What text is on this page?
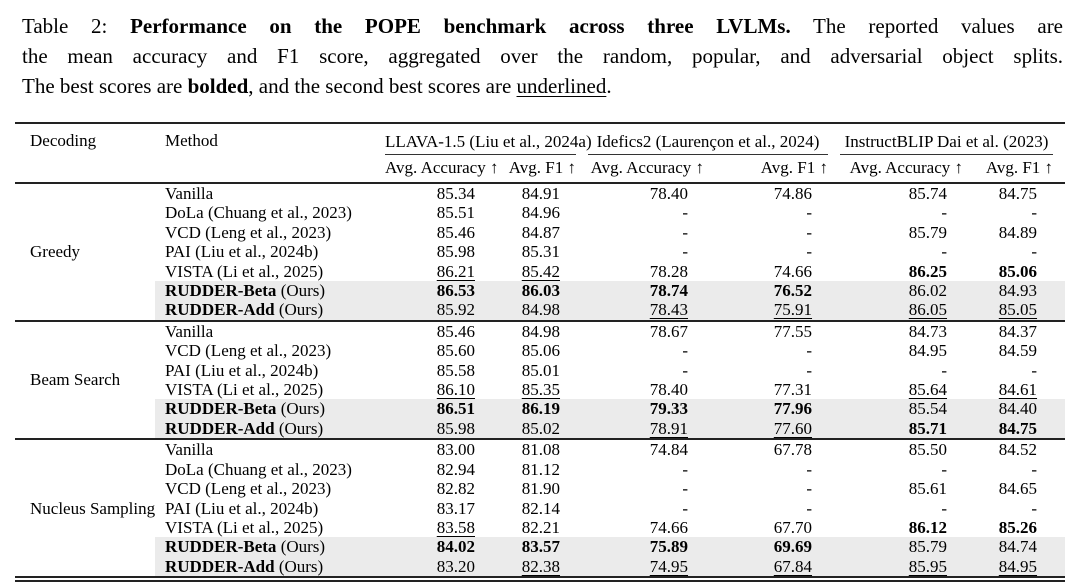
Table 2: Performance on the POPE benchmark across three LVLMs. The reported values are
the mean accuracy and F1 score, aggregated over the random, popular, and adversarial object splits.
The best scores are bolded, and the second best scores are underlined.
Decoding	Method	LLAVA-1.5 (Liu et al., 2024a)		Idefics2 (Laurençon et al., 2024)		InstructBLIP Dai et al. (2023)	

		Avg. Accuracy ↑	Avg. F1 ↑	Avg. Accuracy ↑	Avg. F1 ↑	Avg. Accuracy ↑	Avg. F1 ↑
Greedy	Vanilla	85.34	84.91	78.40	74.86	85.74	84.75
	DoLa (Chuang et al., 2023)	85.51	84.96	-	-	-	-
	VCD (Leng et al., 2023)	85.46	84.87	-	-	85.79	84.89
	PAI (Liu et al., 2024b)	85.98	85.31	-	-	-	-
	VISTA (Li et al., 2025)	86.21	85.42	78.28	74.66	86.25	85.06
	RUDDER-Beta (Ours)	86.53	86.03	78.74	76.52	86.02	84.93
	RUDDER-Add (Ours)	85.92	84.98	78.43	75.91	86.05	85.05
Beam Search	Vanilla	85.46	84.98	78.67	77.55	84.73	84.37
	VCD (Leng et al., 2023)	85.60	85.06	-	-	84.95	84.59
	PAI (Liu et al., 2024b)	85.58	85.01	-	-	-	-
	VISTA (Li et al., 2025)	86.10	85.35	78.40	77.31	85.64	84.61
	RUDDER-Beta (Ours)	86.51	86.19	79.33	77.96	85.54	84.40
	RUDDER-Add (Ours)	85.98	85.02	78.91	77.60	85.71	84.75
Nucleus Sampling	Vanilla	83.00	81.08	74.84	67.78	85.50	84.52
	DoLa (Chuang et al., 2023)	82.94	81.12	-	-	-	-
	VCD (Leng et al., 2023)	82.82	81.90	-	-	85.61	84.65
	PAI (Liu et al., 2024b)	83.17	82.14	-	-	-	-
	VISTA (Li et al., 2025)	83.58	82.21	74.66	67.70	86.12	85.26
	RUDDER-Beta (Ours)	84.02	83.57	75.89	69.69	85.79	84.74
	RUDDER-Add (Ours)	83.20	82.38	74.95	67.84	85.95	84.95
